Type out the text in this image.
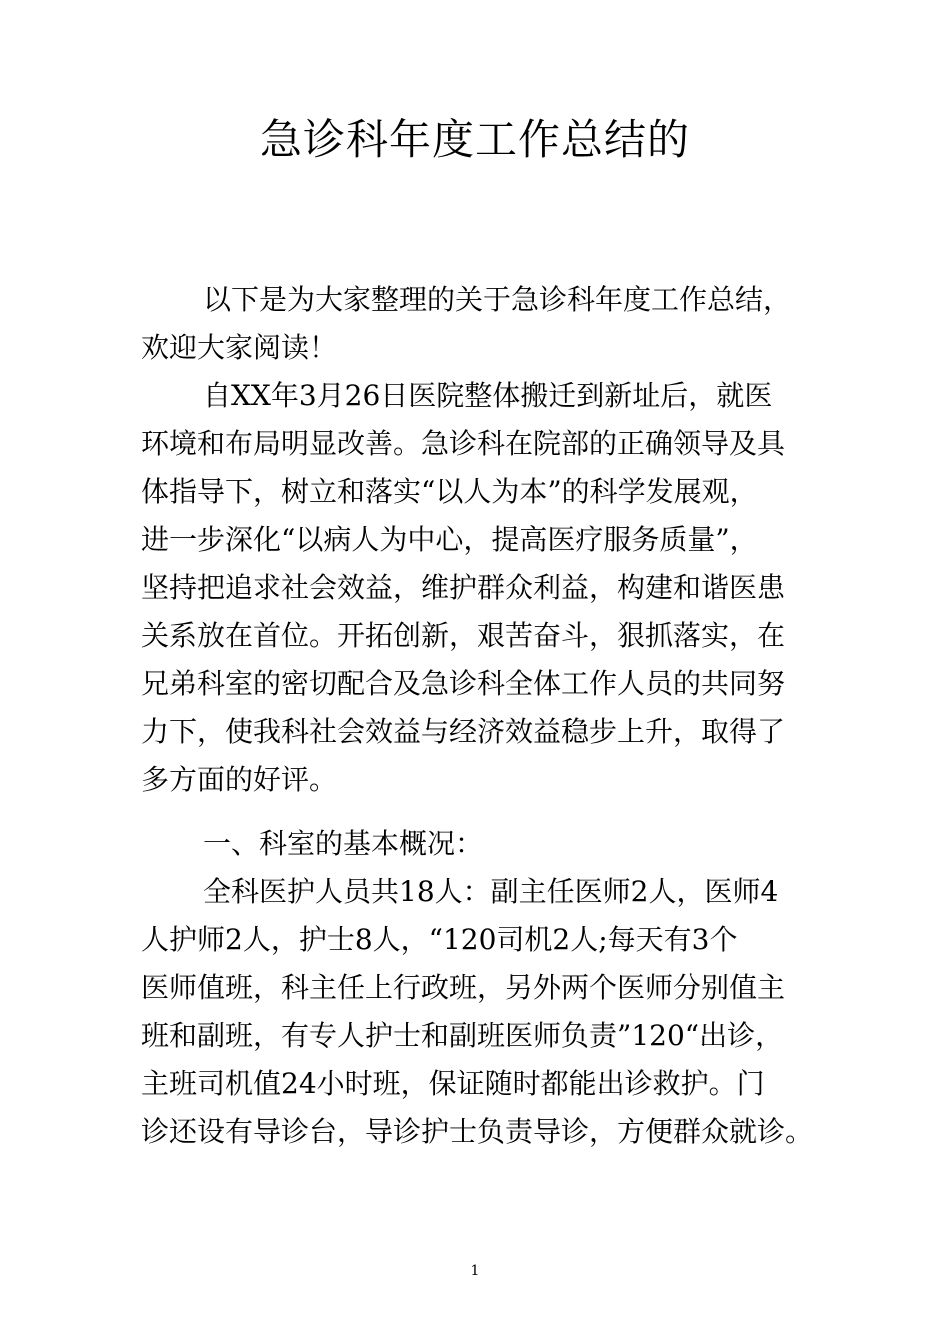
急诊科年度工作总结的
以下是为大家整理的关于急诊科年度工作总结，
欢迎大家阅读！
自XX年3月26日医院整体搬迁到新址后，就医
环境和布局明显改善。急诊科在院部的正确领导及具
体指导下，树立和落实“以人为本”的科学发展观，
进一步深化“以病人为中心，提高医疗服务质量”，
坚持把追求社会效益，维护群众利益，构建和谐医患
关系放在首位。开拓创新，艰苦奋斗，狠抓落实，在
兄弟科室的密切配合及急诊科全体工作人员的共同努
力下，使我科社会效益与经济效益稳步上升，取得了
多方面的好评。
一、科室的基本概况：
全科医护人员共18人：副主任医师2人，医师4
人护师2人，护士8人，“120司机2人;每天有3个
医师值班，科主任上行政班，另外两个医师分别值主
班和副班，有专人护士和副班医师负责”120“出诊，
主班司机值24小时班，保证随时都能出诊救护。门
诊还设有导诊台，导诊护士负责导诊，方便群众就诊。
1
